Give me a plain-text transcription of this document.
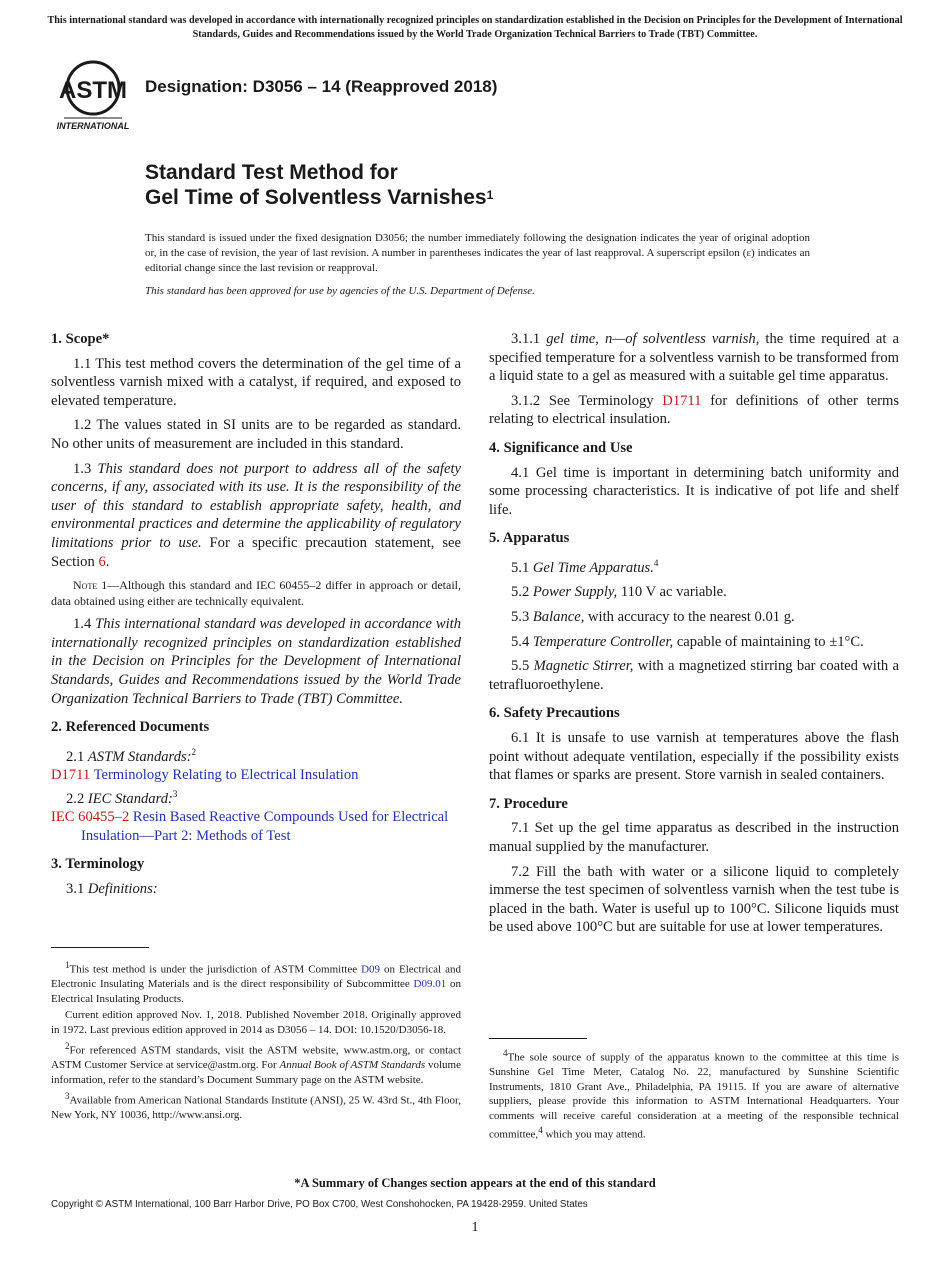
This international standard was developed in accordance with internationally recognized principles on standardization established in the Decision on Principles for the Development of International Standards, Guides and Recommendations issued by the World Trade Organization Technical Barriers to Trade (TBT) Committee.
ASTM
INTERNATIONAL
Designation: D3056 – 14 (Reapproved 2018)
Standard Test Method for
Gel Time of Solventless Varnishes$^1$
This standard is issued under the fixed designation D3056; the number immediately following the designation indicates the year of original adoption or, in the case of revision, the year of last revision. A number in parentheses indicates the year of last reapproval. A superscript epsilon (ε) indicates an editorial change since the last revision or reapproval.
This standard has been approved for use by agencies of the U.S. Department of Defense.
1. Scope*

1.1 This test method covers the determination of the gel time of a solventless varnish mixed with a catalyst, if required, and exposed to elevated temperature.

1.2 The values stated in SI units are to be regarded as standard. No other units of measurement are included in this standard.

1.3 This standard does not purport to address all of the safety concerns, if any, associated with its use. It is the responsibility of the user of this standard to establish appropriate safety, health, and environmental practices and determine the applicability of regulatory limitations prior to use. For a specific precaution statement, see Section 6.

Note 1—Although this standard and IEC 60455–2 differ in approach or detail, data obtained using either are technically equivalent.

1.4 This international standard was developed in accordance with internationally recognized principles on standardization established in the Decision on Principles for the Development of International Standards, Guides and Recommendations issued by the World Trade Organization Technical Barriers to Trade (TBT) Committee.

2. Referenced Documents

2.1 ASTM Standards:$^2$

D1711 Terminology Relating to Electrical Insulation

2.2 IEC Standard:$^3$

IEC 60455–2 Resin Based Reactive Compounds Used for Electrical Insulation—Part 2: Methods of Test

3. Terminology

3.1 Definitions:

3.1.1 gel time, n—of solventless varnish, the time required at a specified temperature for a solventless varnish to be transformed from a liquid state to a gel as measured with a suitable gel time apparatus.

3.1.2 See Terminology D1711 for definitions of other terms relating to electrical insulation.

4. Significance and Use

4.1 Gel time is important in determining batch uniformity and some processing characteristics. It is indicative of pot life and shelf life.

5. Apparatus

5.1 Gel Time Apparatus.$^4$

5.2 Power Supply, 110 V ac variable.

5.3 Balance, with accuracy to the nearest 0.01 g.

5.4 Temperature Controller, capable of maintaining to ±1°C.

5.5 Magnetic Stirrer, with a magnetized stirring bar coated with a tetrafluoroethylene.

6. Safety Precautions

6.1 It is unsafe to use varnish at temperatures above the flash point without adequate ventilation, especially if the possibility exists that flames or sparks are present. Store varnish in sealed containers.

7. Procedure

7.1 Set up the gel time apparatus as described in the instruction manual supplied by the manufacturer.

7.2 Fill the bath with water or a silicone liquid to completely immerse the test specimen of solventless varnish when the test tube is placed in the bath. Water is useful up to 100°C. Silicone liquids must be used above 100°C but are suitable for use at lower temperatures.

$^1$This test method is under the jurisdiction of ASTM Committee D09 on Electrical and Electronic Insulating Materials and is the direct responsibility of Subcommittee D09.01 on Electrical Insulating Products.

Current edition approved Nov. 1, 2018. Published November 2018. Originally approved in 1972. Last previous edition approved in 2014 as D3056 – 14. DOI: 10.1520/D3056-18.

$^2$For referenced ASTM standards, visit the ASTM website, www.astm.org, or contact ASTM Customer Service at service@astm.org. For Annual Book of ASTM Standards volume information, refer to the standard’s Document Summary page on the ASTM website.

$^3$Available from American National Standards Institute (ANSI), 25 W. 43rd St., 4th Floor, New York, NY 10036, http://www.ansi.org.

$^4$The sole source of supply of the apparatus known to the committee at this time is Sunshine Gel Time Meter, Catalog No. 22, manufactured by Sunshine Scientific Instruments, 1810 Grant Ave., Philadelphia, PA 19115. If you are aware of alternative suppliers, please provide this information to ASTM International Headquarters. Your comments will receive careful consideration at a meeting of the responsible technical committee,$^4$ which you may attend.

*A Summary of Changes section appears at the end of this standard
Copyright © ASTM International, 100 Barr Harbor Drive, PO Box C700, West Conshohocken, PA 19428-2959. United States
1
